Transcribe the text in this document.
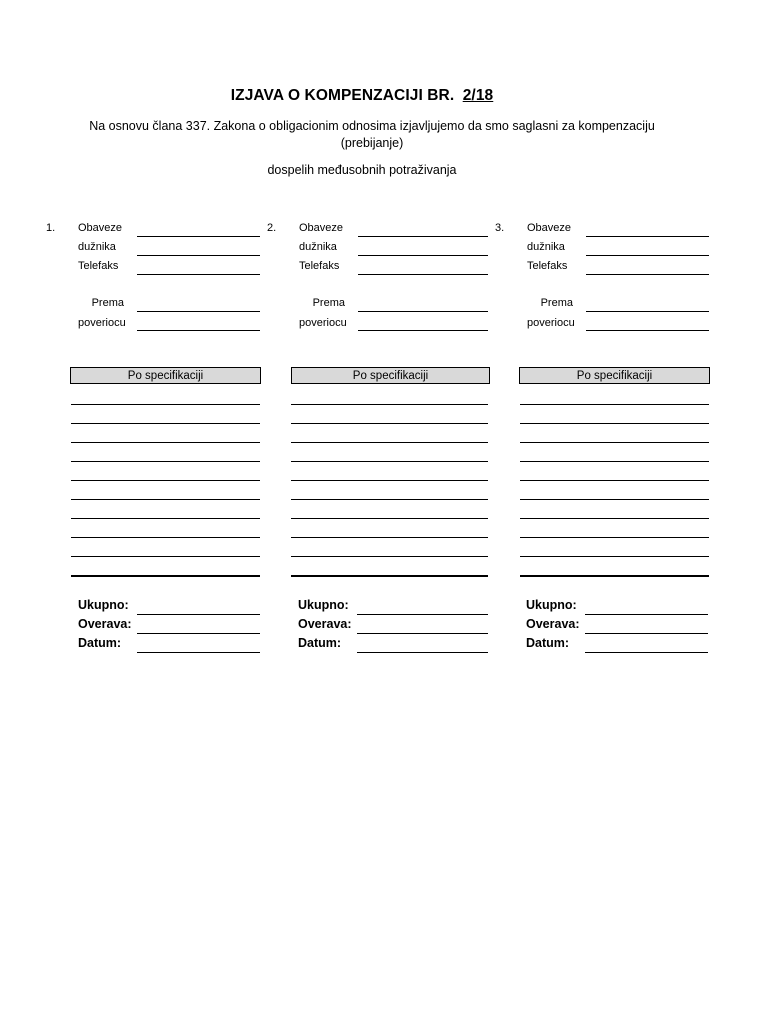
IZJAVA O KOMPENZACIJI BR. 2/18
Na osnovu člana 337. Zakona o obligacionim odnosima izjavljujemo da smo saglasni za kompenzaciju
(prebijanje)
dospelih međusobnih potraživanja
1. Obaveze
dužnika
Telefaks
Prema
poveriocu
2. Obaveze
dužnika
Telefaks
Prema
poveriocu
3. Obaveze
dužnika
Telefaks
Prema
poveriocu
Po specifikaciji	Po specifikaciji	Po specifikaciji
Ukupno:
Overava:
Datum:
Ukupno:
Overava:
Datum:
Ukupno:
Overava:
Datum:
